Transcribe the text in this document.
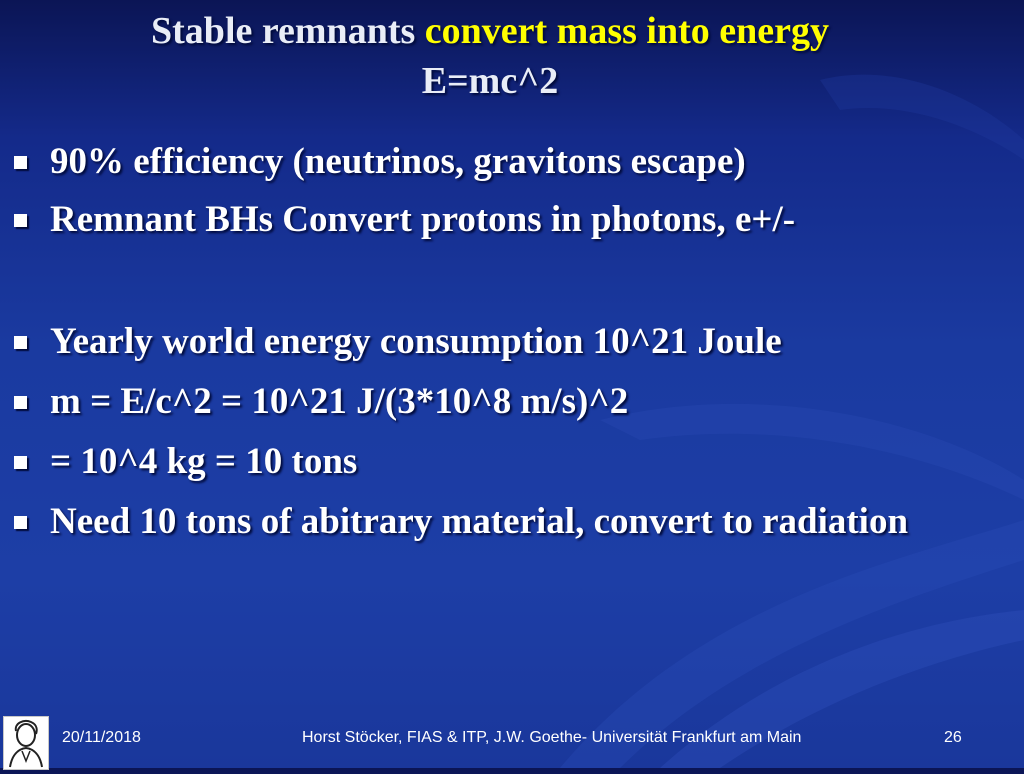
Stable remnants convert mass into energy
E=mc^2
90% efficiency (neutrinos, gravitons escape)
Remnant BHs Convert protons in photons, e+/-
Yearly world energy consumption 10^21 Joule
m = E/c^2 = 10^21 J/(3*10^8 m/s)^2
= 10^4 kg = 10 tons
Need 10 tons of abitrary material, convert to radiation
20/11/2018	Horst Stöcker, FIAS & ITP, J.W. Goethe- Universität Frankfurt am Main	26
